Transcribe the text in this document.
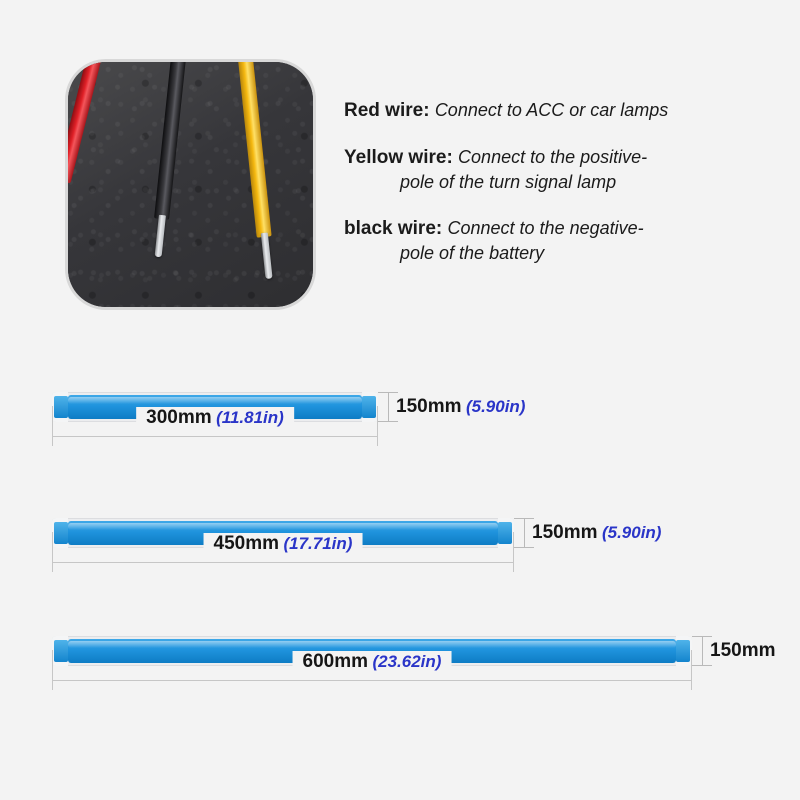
Red wire: Connect to ACC or car lamps
Yellow wire: Connect to the positive-
pole of the turn signal lamp
black wire: Connect to the negative-
pole of the battery
150mm (5.90in)
300mm (11.81in)
150mm (5.90in)
450mm (17.71in)
150mm
600mm (23.62in)
